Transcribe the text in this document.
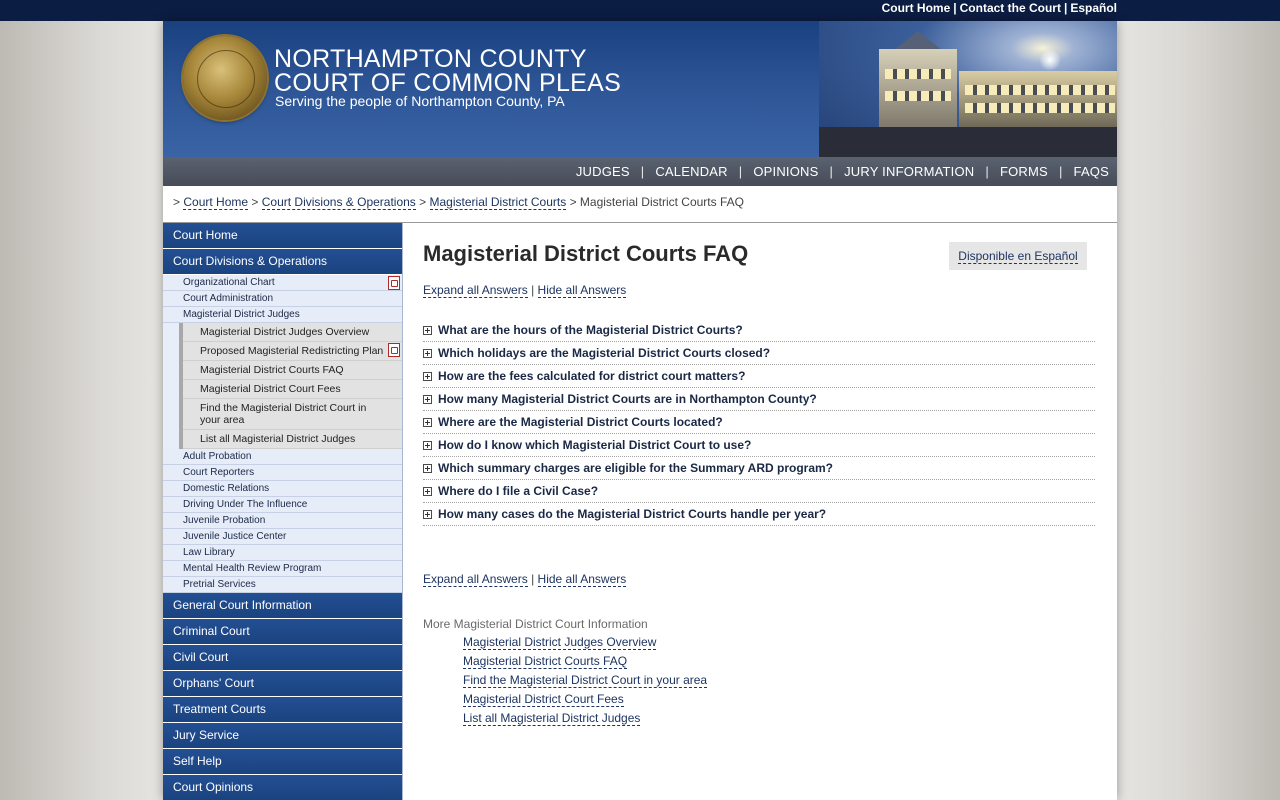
Court Home | Contact the Court | Español
NORTHAMPTON COUNTY
COURT OF COMMON PLEAS
Serving the people of Northampton County, PA
JUDGES | CALENDAR | OPINIONS | JURY INFORMATION | FORMS | FAQS
> Court Home > Court Divisions & Operations > Magisterial District Courts > Magisterial District Courts FAQ
Court Home
Court Divisions & Operations
Organizational Chart
Court Administration
Magisterial District Judges
Magisterial District Judges Overview
Proposed Magisterial Redistricting Plan
Magisterial District Courts FAQ
Magisterial District Court Fees
Find the Magisterial District Court in your area
List all Magisterial District Judges
Adult Probation
Court Reporters
Domestic Relations
Driving Under The Influence
Juvenile Probation
Juvenile Justice Center
Law Library
Mental Health Review Program
Pretrial Services
General Court Information
Criminal Court
Civil Court
Orphans' Court
Treatment Courts
Jury Service
Self Help
Court Opinions
Magisterial District Courts FAQ	Disponible en Español
Expand all Answers | Hide all Answers
What are the hours of the Magisterial District Courts?
Which holidays are the Magisterial District Courts closed?
How are the fees calculated for district court matters?
How many Magisterial District Courts are in Northampton County?
Where are the Magisterial District Courts located?
How do I know which Magisterial District Court to use?
Which summary charges are eligible for the Summary ARD program?
Where do I file a Civil Case?
How many cases do the Magisterial District Courts handle per year?
Expand all Answers | Hide all Answers
More Magisterial District Court Information
Magisterial District Judges Overview
Magisterial District Courts FAQ
Find the Magisterial District Court in your area
Magisterial District Court Fees
List all Magisterial District Judges
